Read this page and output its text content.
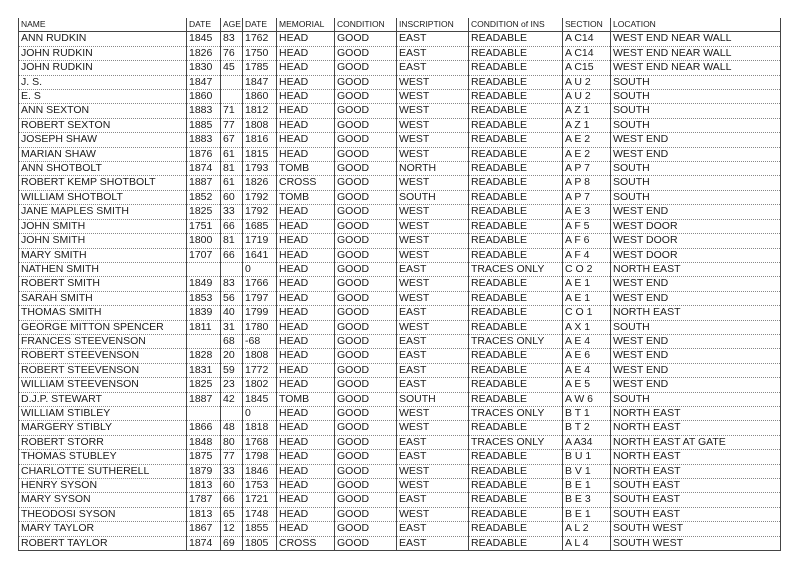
NAME	DATE	AGE	DATE	MEMORIAL	CONDITION	INSCRIPTION	CONDITION of INS	SECTION	LOCATION
ANN RUDKIN	1845	83	1762	HEAD	GOOD	EAST	READABLE	A C14	WEST END NEAR WALL
JOHN RUDKIN	1826	76	1750	HEAD	GOOD	EAST	READABLE	A C14	WEST END NEAR WALL
JOHN RUDKIN	1830	45	1785	HEAD	GOOD	EAST	READABLE	A C15	WEST END NEAR WALL
J. S.	1847		1847	HEAD	GOOD	WEST	READABLE	A U 2	SOUTH
E. S	1860		1860	HEAD	GOOD	WEST	READABLE	A U 2	SOUTH
ANN SEXTON	1883	71	1812	HEAD	GOOD	WEST	READABLE	A Z 1	SOUTH
ROBERT SEXTON	1885	77	1808	HEAD	GOOD	WEST	READABLE	A Z 1	SOUTH
JOSEPH SHAW	1883	67	1816	HEAD	GOOD	WEST	READABLE	A E 2	WEST END
MARIAN SHAW	1876	61	1815	HEAD	GOOD	WEST	READABLE	A E 2	WEST END
ANN SHOTBOLT	1874	81	1793	TOMB	GOOD	NORTH	READABLE	A P 7	SOUTH
ROBERT KEMP SHOTBOLT	1887	61	1826	CROSS	GOOD	WEST	READABLE	A P 8	SOUTH
WILLIAM SHOTBOLT	1852	60	1792	TOMB	GOOD	SOUTH	READABLE	A P 7	SOUTH
JANE MAPLES SMITH	1825	33	1792	HEAD	GOOD	WEST	READABLE	A E 3	WEST END
JOHN SMITH	1751	66	1685	HEAD	GOOD	WEST	READABLE	A F 5	WEST DOOR
JOHN SMITH	1800	81	1719	HEAD	GOOD	WEST	READABLE	A F 6	WEST DOOR
MARY SMITH	1707	66	1641	HEAD	GOOD	WEST	READABLE	A F 4	WEST DOOR
NATHEN SMITH			0	HEAD	GOOD	EAST	TRACES ONLY	C O 2	NORTH EAST
ROBERT SMITH	1849	83	1766	HEAD	GOOD	WEST	READABLE	A E 1	WEST END
SARAH SMITH	1853	56	1797	HEAD	GOOD	WEST	READABLE	A E 1	WEST END
THOMAS SMITH	1839	40	1799	HEAD	GOOD	EAST	READABLE	C O 1	NORTH EAST
GEORGE MITTON SPENCER	1811	31	1780	HEAD	GOOD	WEST	READABLE	A X 1	SOUTH
FRANCES STEEVENSON		68	-68	HEAD	GOOD	EAST	TRACES ONLY	A E 4	WEST END
ROBERT STEEVENSON	1828	20	1808	HEAD	GOOD	EAST	READABLE	A E 6	WEST END
ROBERT STEEVENSON	1831	59	1772	HEAD	GOOD	EAST	READABLE	A E 4	WEST END
WILLIAM STEEVENSON	1825	23	1802	HEAD	GOOD	EAST	READABLE	A E 5	WEST END
D.J.P. STEWART	1887	42	1845	TOMB	GOOD	SOUTH	READABLE	A W 6	SOUTH
WILLIAM STIBLEY			0	HEAD	GOOD	WEST	TRACES ONLY	B T 1	NORTH EAST
MARGERY STIBLY	1866	48	1818	HEAD	GOOD	WEST	READABLE	B T 2	NORTH EAST
ROBERT STORR	1848	80	1768	HEAD	GOOD	EAST	TRACES ONLY	A A34	NORTH EAST AT GATE
THOMAS STUBLEY	1875	77	1798	HEAD	GOOD	EAST	READABLE	B U 1	NORTH EAST
CHARLOTTE SUTHERELL	1879	33	1846	HEAD	GOOD	WEST	READABLE	B V 1	NORTH EAST
HENRY SYSON	1813	60	1753	HEAD	GOOD	WEST	READABLE	B E 1	SOUTH EAST
MARY SYSON	1787	66	1721	HEAD	GOOD	EAST	READABLE	B E 3	SOUTH EAST
THEODOSI SYSON	1813	65	1748	HEAD	GOOD	WEST	READABLE	B E 1	SOUTH EAST
MARY TAYLOR	1867	12	1855	HEAD	GOOD	EAST	READABLE	A L 2	SOUTH WEST
ROBERT TAYLOR	1874	69	1805	CROSS	GOOD	EAST	READABLE	A L 4	SOUTH WEST
